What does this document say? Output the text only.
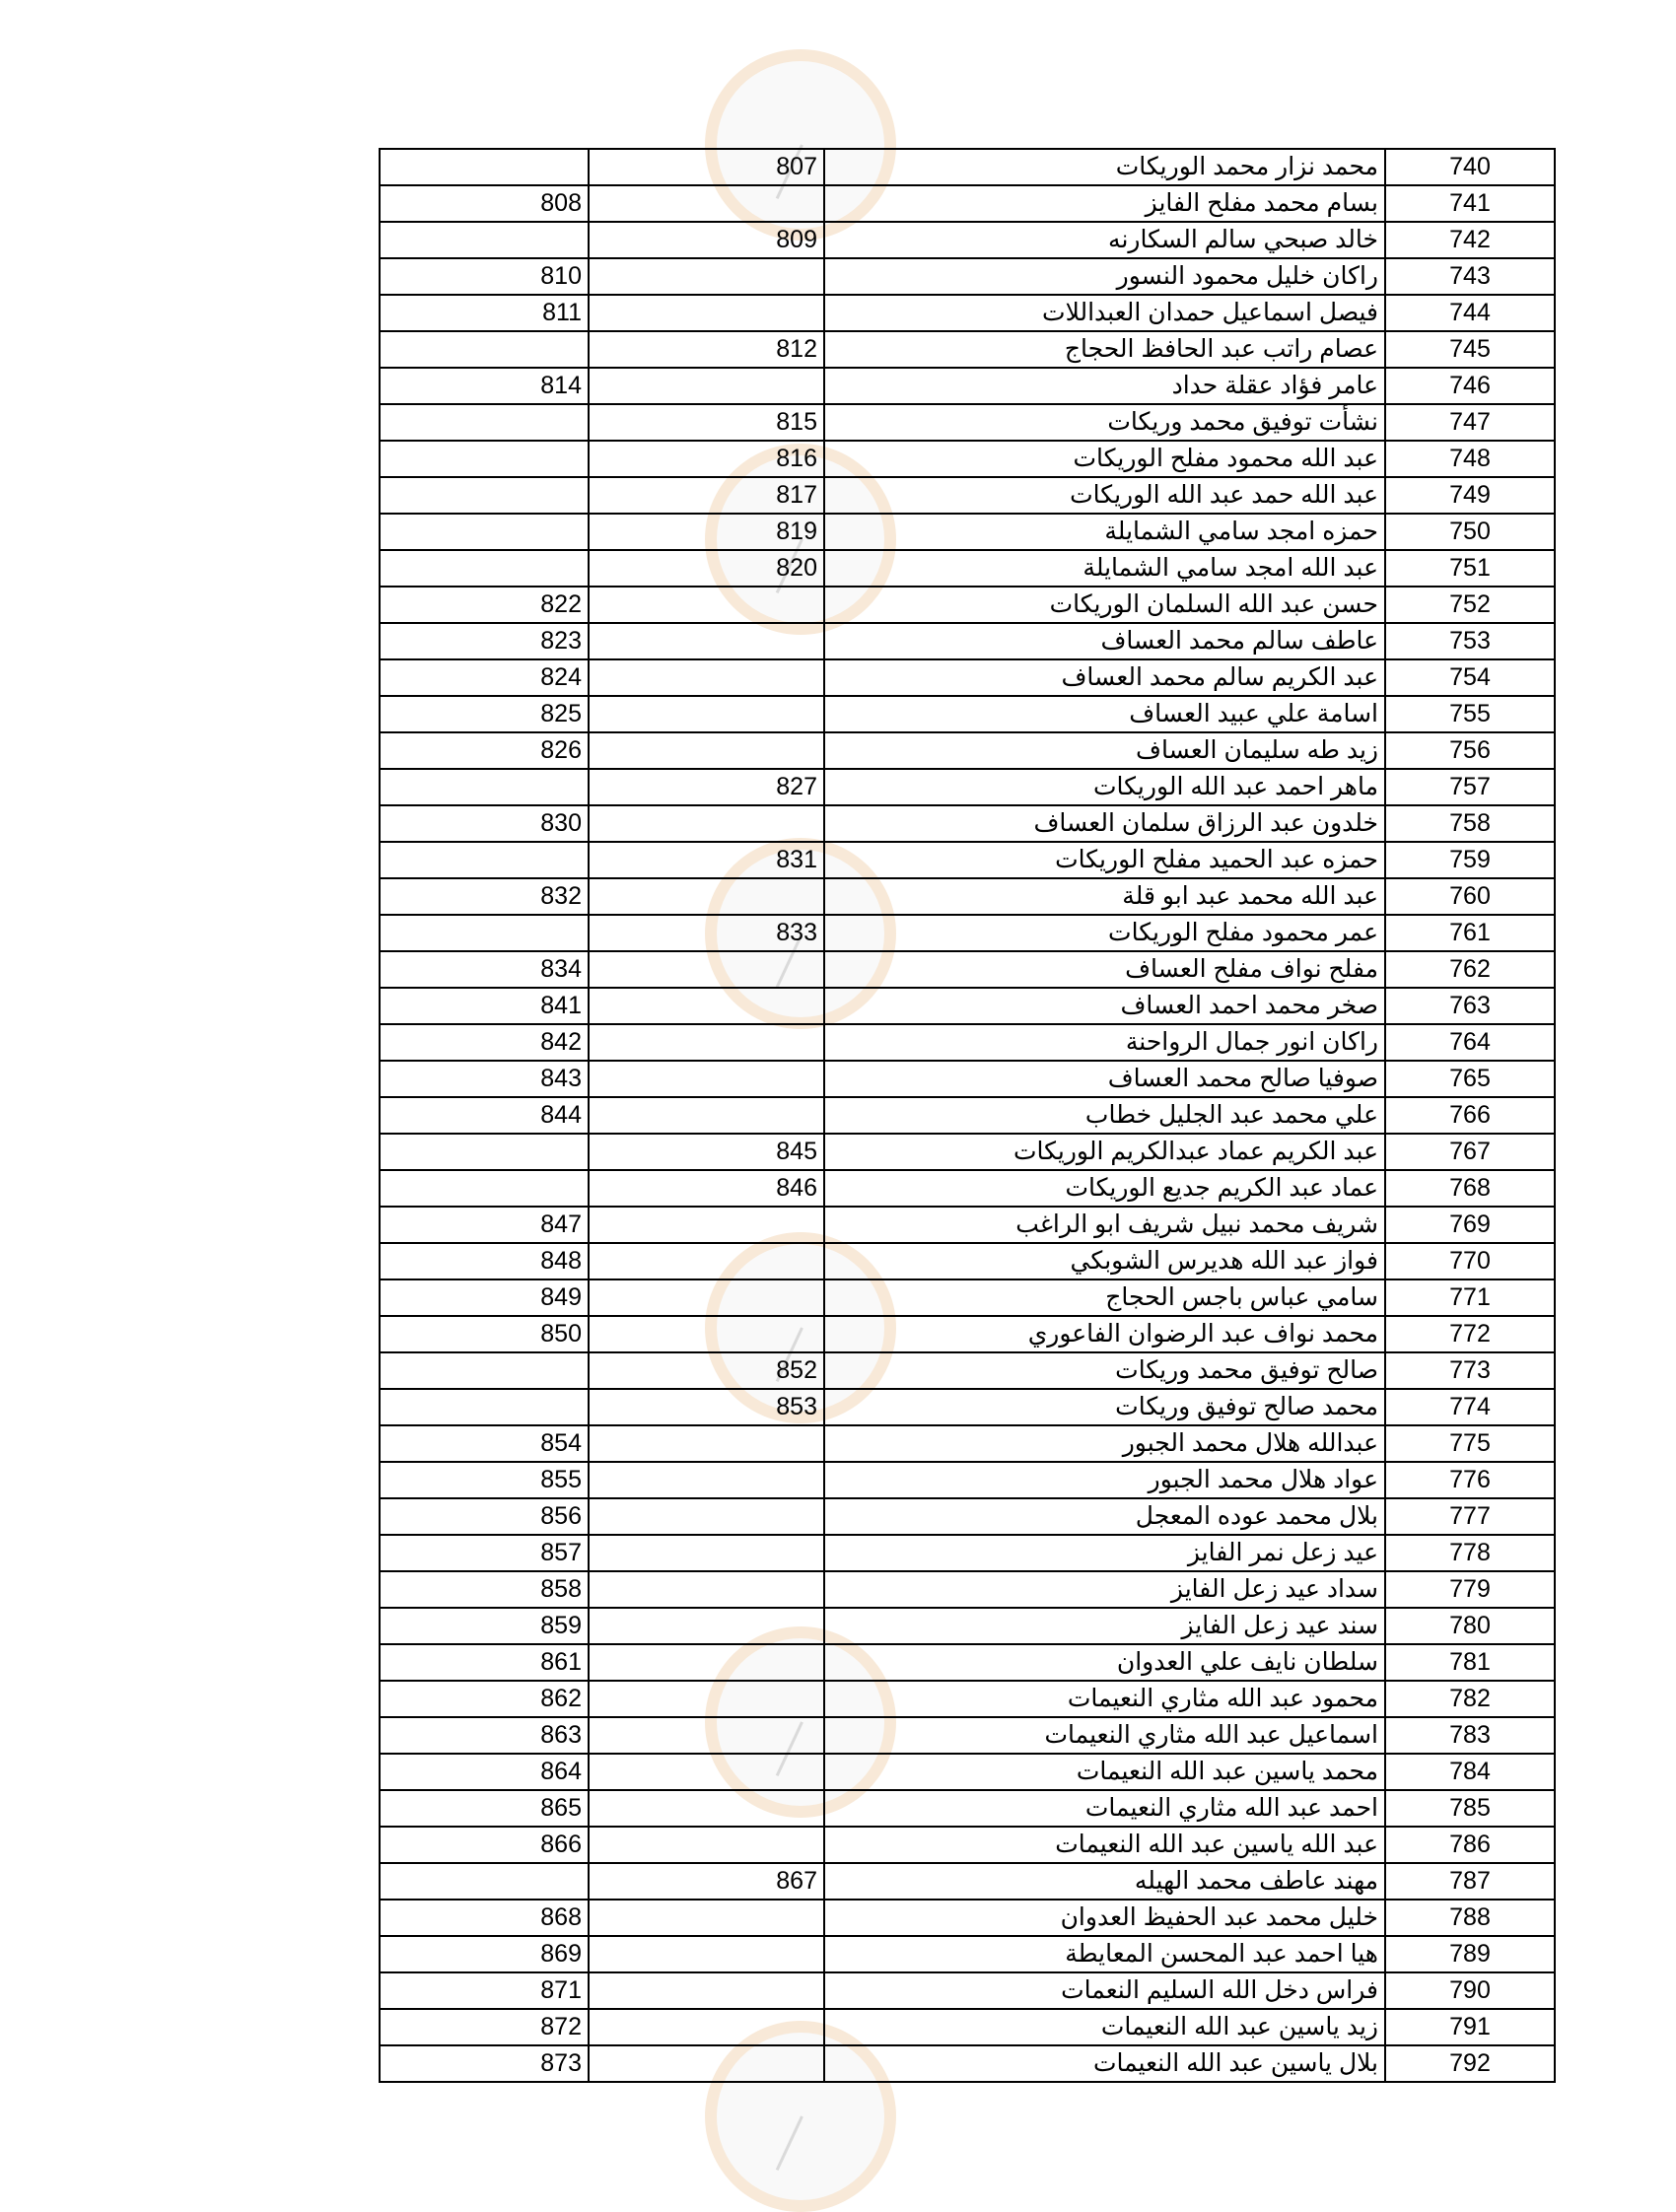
	807	محمد نزار محمد الوريكات	740
808		بسام محمد مفلح الفايز	741
	809	خالد صبحي سالم السكارنه	742
810		راكان خليل محمود النسور	743
811		فيصل اسماعيل حمدان العبداللات	744
	812	عصام راتب عبد الحافظ الحجاج	745
814		عامر فؤاد عقلة حداد	746
	815	نشأت توفيق محمد وريكات	747
	816	عبد الله محمود مفلح الوريكات	748
	817	عبد الله حمد عبد الله الوريكات	749
	819	حمزه امجد سامي الشمايلة	750
	820	عبد الله امجد سامي الشمايلة	751
822		حسن عبد الله السلمان الوريكات	752
823		عاطف سالم محمد العساف	753
824		عبد الكريم سالم محمد العساف	754
825		اسامة علي عبيد العساف	755
826		زيد طه سليمان العساف	756
	827	ماهر احمد عبد الله الوريكات	757
830		خلدون عبد الرزاق سلمان العساف	758
	831	حمزه عبد الحميد مفلح الوريكات	759
832		عبد الله محمد عبد ابو قلة	760
	833	عمر محمود مفلح الوريكات	761
834		مفلح نواف مفلح العساف	762
841		صخر محمد احمد العساف	763
842		راكان انور جمال الرواحنة	764
843		صوفيا صالح محمد العساف	765
844		علي محمد عبد الجليل خطاب	766
	845	عبد الكريم عماد عبدالكريم الوريكات	767
	846	عماد عبد الكريم جديع الوريكات	768
847		شريف محمد نبيل شريف ابو الراغب	769
848		فواز عبد الله هديرس الشوبكي	770
849		سامي عباس باجس الحجاج	771
850		محمد نواف عبد الرضوان الفاعوري	772
	852	صالح توفيق محمد وريكات	773
	853	محمد صالح توفيق وريكات	774
854		عبدالله هلال محمد الجبور	775
855		عواد هلال محمد الجبور	776
856		بلال محمد عوده المعجل	777
857		عيد زعل نمر الفايز	778
858		سداد عيد زعل الفايز	779
859		سند عيد زعل الفايز	780
861		سلطان نايف علي العدوان	781
862		محمود عبد الله مثاري النعيمات	782
863		اسماعيل عبد الله مثاري النعيمات	783
864		محمد ياسين عبد الله النعيمات	784
865		احمد عبد الله مثاري النعيمات	785
866		عبد الله ياسين عبد الله النعيمات	786
	867	مهند عاطف محمد الهيله	787
868		خليل محمد عبد الحفيظ العدوان	788
869		هيا احمد عبد المحسن المعايطة	789
871		فراس دخل الله السليم النعمات	790
872		زيد ياسين عبد الله النعيمات	791
873		بلال ياسين عبد الله النعيمات	792
